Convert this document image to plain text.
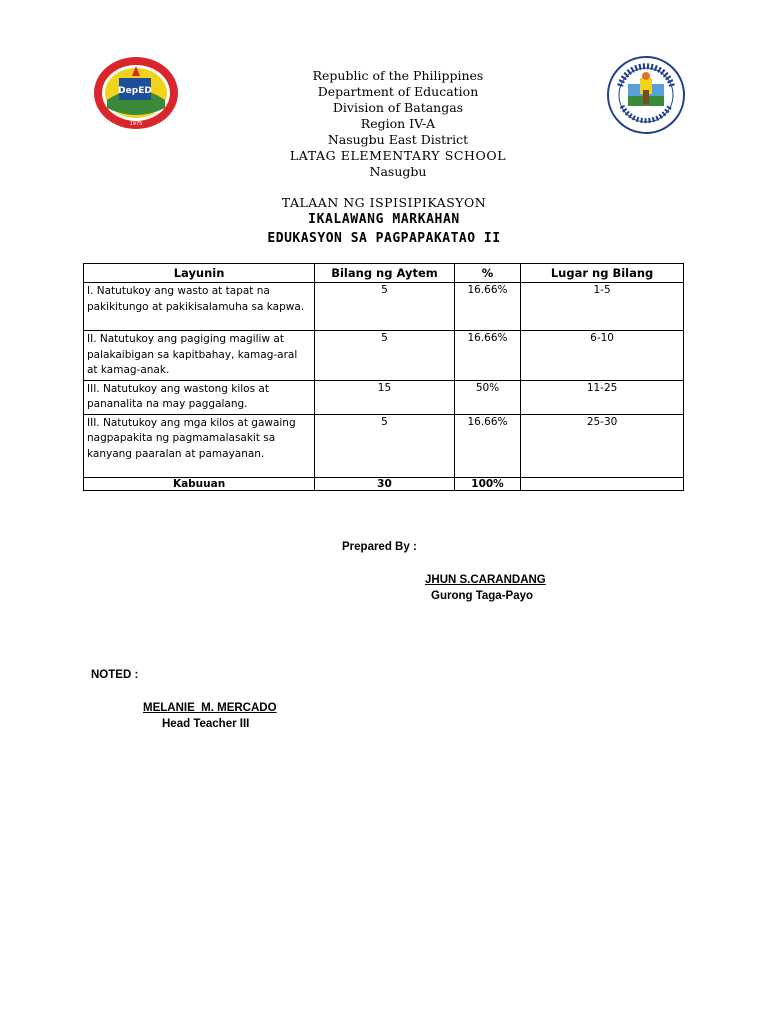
DepED
1975
Republic of the Philippines
Department of Education
Division of Batangas
Region IV-A
Nasugbu East District
LATAG ELEMENTARY SCHOOL
Nasugbu
TALAAN NG ISPISIPIKASYON
IKALAWANG MARKAHAN
EDUKASYON SA PAGPAPAKATAO II
Layunin	Bilang ng Aytem	%	Lugar ng Bilang
I. Natutukoy ang wasto at tapat na pakikitungo at pakikisalamuha sa kapwa.	5	16.66%	1-5
II. Natutukoy ang pagiging magiliw at palakaibigan sa kapitbahay, kamag-aral at kamag-anak.	5	16.66%	6-10
III. Natutukoy ang wastong kilos at pananalita na may paggalang.	15	50%	11-25
III. Natutukoy ang mga kilos at gawaing nagpapakita ng pagmamalasakit sa kanyang paaralan at pamayanan.	5	16.66%	25-30
Kabuuan	30	100%	
Prepared By :
JHUN S.CARANDANG
Gurong Taga-Payo
NOTED :
MELANIE  M. MERCADO
Head Teacher III
